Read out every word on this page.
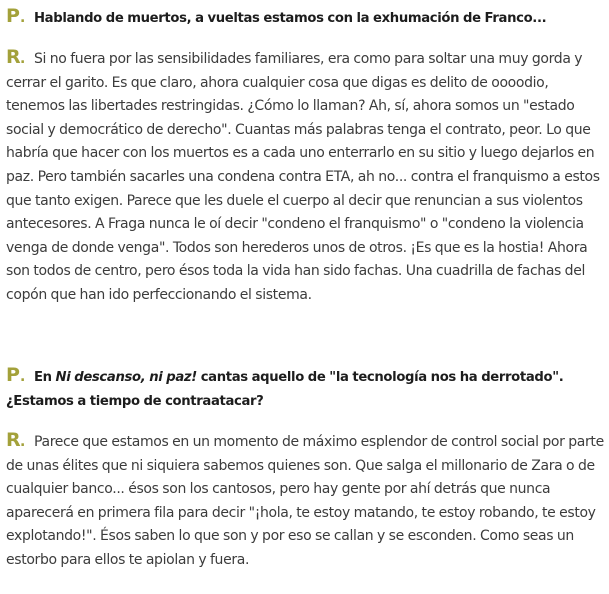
P. Hablando de muertos, a vueltas estamos con la exhumación de Franco...

R. Si no fuera por las sensibilidades familiares, era como para soltar una muy gorda y cerrar el garito. Es que claro, ahora cualquier cosa que digas es delito de oooodio, tenemos las libertades restringidas. ¿Cómo lo llaman? Ah, sí, ahora somos un "estado social y democrático de derecho". Cuantas más palabras tenga el contrato, peor. Lo que habría que hacer con los muertos es a cada uno enterrarlo en su sitio y luego dejarlos en paz. Pero también sacarles una condena contra ETA, ah no... contra el franquismo a estos que tanto exigen. Parece que les duele el cuerpo al decir que renuncian a sus violentos antecesores. A Fraga nunca le oí decir "condeno el franquismo" o "condeno la violencia venga de donde venga". Todos son herederos unos de otros. ¡Es que es la hostia! Ahora son todos de centro, pero ésos toda la vida han sido fachas. Una cuadrilla de fachas del copón que han ido perfeccionando el sistema.

P. En Ni descanso, ni paz! cantas aquello de "la tecnología nos ha derrotado". ¿Estamos a tiempo de contraatacar?

R. Parece que estamos en un momento de máximo esplendor de control social por parte de unas élites que ni siquiera sabemos quienes son. Que salga el millonario de Zara o de cualquier banco... ésos son los cantosos, pero hay gente por ahí detrás que nunca aparecerá en primera fila para decir "¡hola, te estoy matando, te estoy robando, te estoy explotando!". Ésos saben lo que son y por eso se callan y se esconden. Como seas un estorbo para ellos te apiolan y fuera.
